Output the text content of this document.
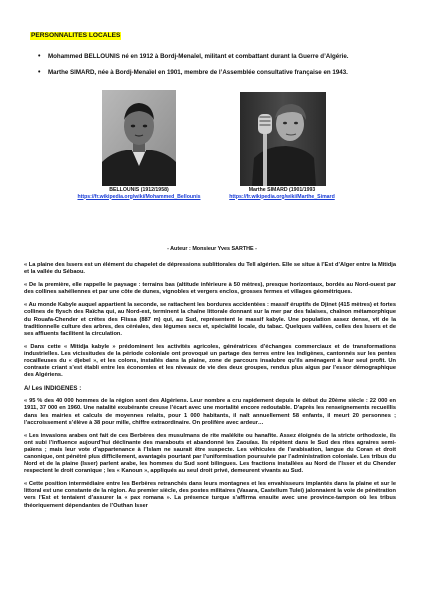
PERSONNALITES LOCALES
• Mohammed BELLOUNIS né en 1912 à Bordj-Menaïel, militant et combattant durant la Guerre d’Algérie.
• Marthe SIMARD, née à Bordj-Menaïel en 1901, membre de l’Assemblée consultative française en 1943.
BELLOUNIS (1912/1958)
https://fr.wikipedia.org/wiki/Mohammed_Bellounis
Marthe SIMARD (1901/1993
https://fr.wikipedia.org/wiki/Marthe_Simard
- Auteur : Monsieur Yves SARTHE -

« La plaine des Issers est un élément du chapelet de dépressions sublittorales du Tell algérien. Elle se situe à l’Est d’Alger entre la Mitidja et la vallée du Sébaou.

« De la première, elle rappelle le paysage : terrains bas (altitude inférieure à 50 mètres), presque horizontaux, bordés au Nord-ouest par des collines sahéliennes et par une côte de dunes, vignobles et vergers enclos, grosses fermes et villages géométriques.

« Au monde Kabyle auquel appartient la seconde, se rattachent les bordures accidentées : massif éruptifs de Djinet (415 mètres) et fortes collines de flysch des Raïcha qui, au Nord-est, terminent la chaîne littorale donnant sur la mer par des falaises, chaînon métamorphique du Rouafa-Chender et crêtes des Flissa (887 m) qui, au Sud, représentent le massif kabyle. Une population assez dense, vit de la traditionnelle culture des arbres, des céréales, des légumes secs et, spécialité locale, du tabac. Quelques vallées, celles des Issers et de ses affluents facilitent la circulation.

« Dans cette « Mitidja kabyle » prédominent les activités agricoles, génératrices d’échanges commerciaux et de transformations industrielles. Les vicissitudes de la période coloniale ont provoqué un partage des terres entre les indigènes, cantonnés sur les pentes rocailleuses du « djebel », et les colons, installés dans la plaine, zone de parcours insalubre qu’ils aménagent à leur seul profit. Un contraste criant s’est établi entre les économies et les niveaux de vie des deux groupes, rendus plus aigus par l’essor démographique des Algériens.

A/ Les INDIGENES :

« 95 % des 40 000 hommes de la région sont des Algériens. Leur nombre a cru rapidement depuis le début du 20ème siècle : 22 000 en 1911, 37 000 en 1960. Une natalité exubérante creuse l’écart avec une mortalité encore redoutable. D’après les renseignements recueillis dans les mairies et calculs de moyennes relaits, pour 1 000 habitants, il naît annuellement 58 enfants, il meurt 20 personnes ; l’accroissement s’élève à 38 pour mille, chiffre extraordinaire. On prolifère avec ardeur…

« Les invasions arabes ont fait de ces Berbères des musulmans de rite malékite ou hanafite. Assez éloignés de la stricte orthodoxie, ils ont subi l’influence aujourd’hui déclinante des marabouts et abandonné les Zaouïas. Ils répètent dans le Sud des rites agraires semi-païens ; mais leur vote d’appartenance à l’Islam ne saurait être suspecte. Les véhicules de l’arabisation, langue du Coran et droit canonique, ont pénétré plus difficilement, avantagés pourtant par l’uniformisation poursuivie par l’administration coloniale. Les tribus du Nord et de la plaine (Isser) parlent arabe, les hommes du Sud sont bilingues. Les fractions installées au Nord de l’Isser et du Chender respectent le droit coranique ; les « Kanoun », appliqués au seul droit privé, demeurent vivants au Sud.

« Cette position intermédiaire entre les Berbères retranchés dans leurs montagnes et les envahisseurs implantés dans la plaine et sur le littoral est une constante de la région. Au premier siècle, des postes militaires (Vasara, Castellum Tulei) jalonnaient la voie de pénétration vers l’Est et tentaient d’assurer la « pax romana ». La présence turque s’affirma ensuite avec une province-tampon où les tribus théoriquement dépendantes de l’Outhan Isser
